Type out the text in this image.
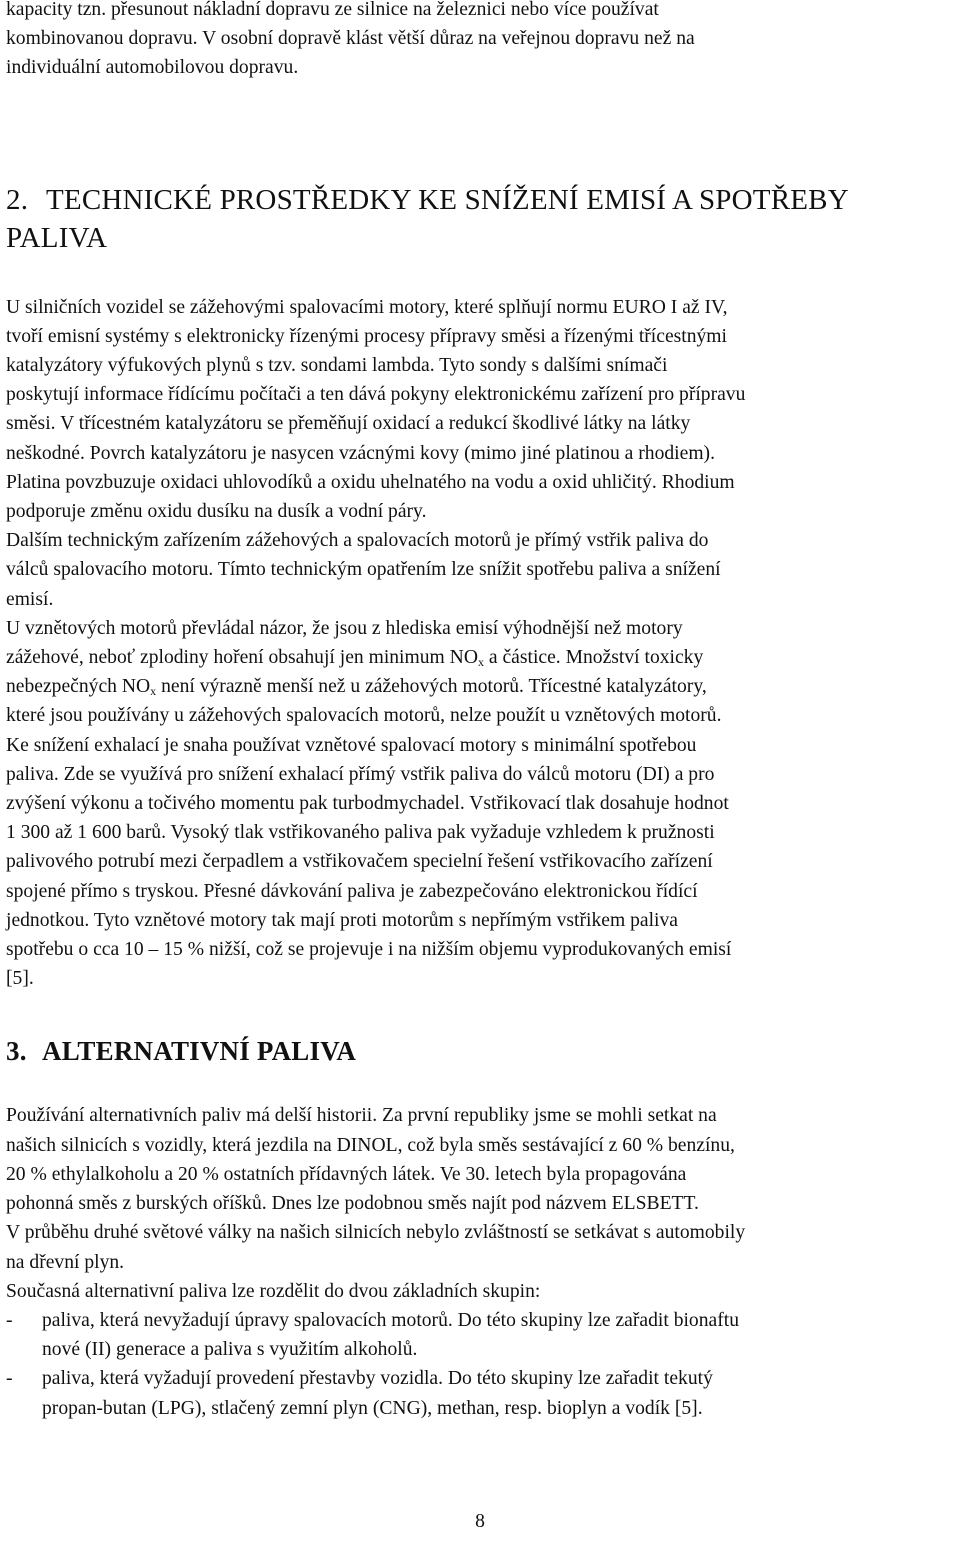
kapacity tzn. přesunout nákladní dopravu ze silnice na železnici nebo více používat
kombinovanou dopravu. V osobní dopravě klást větší důraz na veřejnou dopravu než na
individuální automobilovou dopravu.

2. TECHNICKÉ PROSTŘEDKY KE SNÍŽENÍ EMISÍ A SPOTŘEBY
PALIVA

U silničních vozidel se zážehovými spalovacími motory, které splňují normu EURO I až IV,
tvoří emisní systémy s elektronicky řízenými procesy přípravy směsi a řízenými třícestnými
katalyzátory výfukových plynů s tzv. sondami lambda. Tyto sondy s dalšími snímači
poskytují informace řídícímu počítači a ten dává pokyny elektronickému zařízení pro přípravu
směsi. V třícestném katalyzátoru se přeměňují oxidací a redukcí škodlivé látky na látky
neškodné. Povrch katalyzátoru je nasycen vzácnými kovy (mimo jiné platinou a rhodiem).
Platina povzbuzuje oxidaci uhlovodíků a oxidu uhelnatého na vodu a oxid uhličitý. Rhodium
podporuje změnu oxidu dusíku na dusík a vodní páry.

Dalším technickým zařízením zážehových a spalovacích motorů je přímý vstřik paliva do
válců spalovacího motoru. Tímto technickým opatřením lze snížit spotřebu paliva a snížení
emisí.

U vznětových motorů převládal názor, že jsou z hlediska emisí výhodnější než motory
zážehové, neboť zplodiny hoření obsahují jen minimum $NO_x$ a částice. Množství toxicky
nebezpečných $NO_x$ není výrazně menší než u zážehových motorů. Třícestné katalyzátory,
které jsou používány u zážehových spalovacích motorů, nelze použít u vznětových motorů.
Ke snížení exhalací je snaha používat vznětové spalovací motory s minimální spotřebou
paliva. Zde se využívá pro snížení exhalací přímý vstřik paliva do válců motoru (DI) a pro
zvýšení výkonu a točivého momentu pak turbodmychadel. Vstřikovací tlak dosahuje hodnot
1 300 až 1 600 barů. Vysoký tlak vstřikovaného paliva pak vyžaduje vzhledem k pružnosti
palivového potrubí mezi čerpadlem a vstřikovačem specielní řešení vstřikovacího zařízení
spojené přímo s tryskou. Přesné dávkování paliva je zabezpečováno elektronickou řídící
jednotkou. Tyto vznětové motory tak mají proti motorům s nepřímým vstřikem paliva
spotřebu o cca 10 – 15 % nižší, což se projevuje i na nižším objemu vyprodukovaných emisí
[5].

3. ALTERNATIVNÍ PALIVA

Používání alternativních paliv má delší historii. Za první republiky jsme se mohli setkat na
našich silnicích s vozidly, která jezdila na DINOL, což byla směs sestávající z 60 % benzínu,
20 % ethylalkoholu a 20 % ostatních přídavných látek. Ve 30. letech byla propagována
pohonná směs z burských oříšků. Dnes lze podobnou směs najít pod názvem ELSBETT.

V průběhu druhé světové války na našich silnicích nebylo zvláštností se setkávat s automobily
na dřevní plyn.

Současná alternativní paliva lze rozdělit do dvou základních skupin:

- paliva, která nevyžadují úpravy spalovacích motorů. Do této skupiny lze zařadit bionaftu
nové (II) generace a paliva s využitím alkoholů.
- paliva, která vyžadují provedení přestavby vozidla. Do této skupiny lze zařadit tekutý
propan-butan (LPG), stlačený zemní plyn (CNG), methan, resp. bioplyn a vodík [5].
8
